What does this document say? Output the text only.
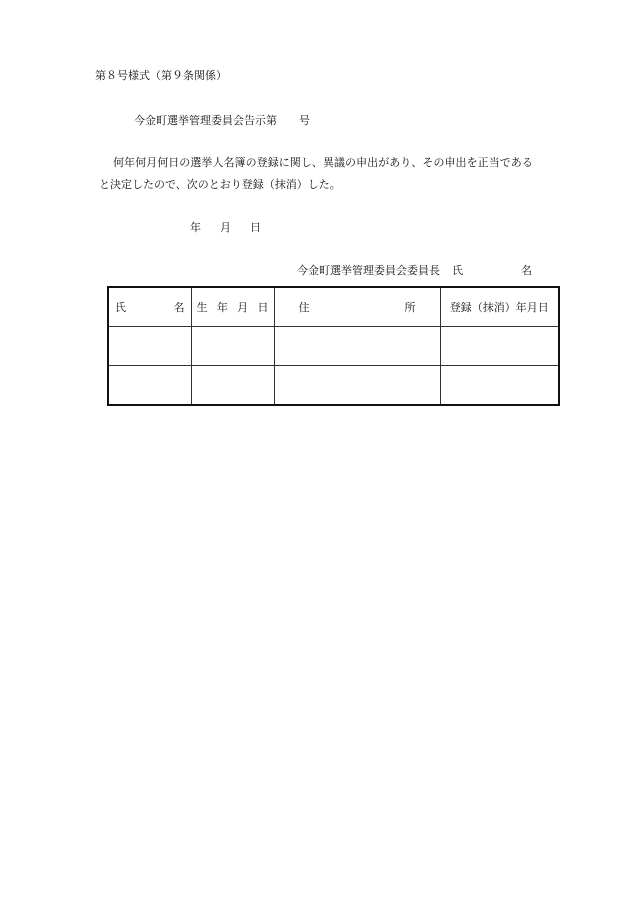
第８号様式（第９条関係）
今金町選挙管理委員会告示第　　号
何年何月何日の選挙人名簿の登録に関し、異議の申出があり、その申出を正当である
と決定したので、次のとおり登録（抹消）した。
年 月 日
今金町選挙管理委員会委員長 氏	名
氏 名	生 年 月 日	住 所	登録（抹消）年月日
